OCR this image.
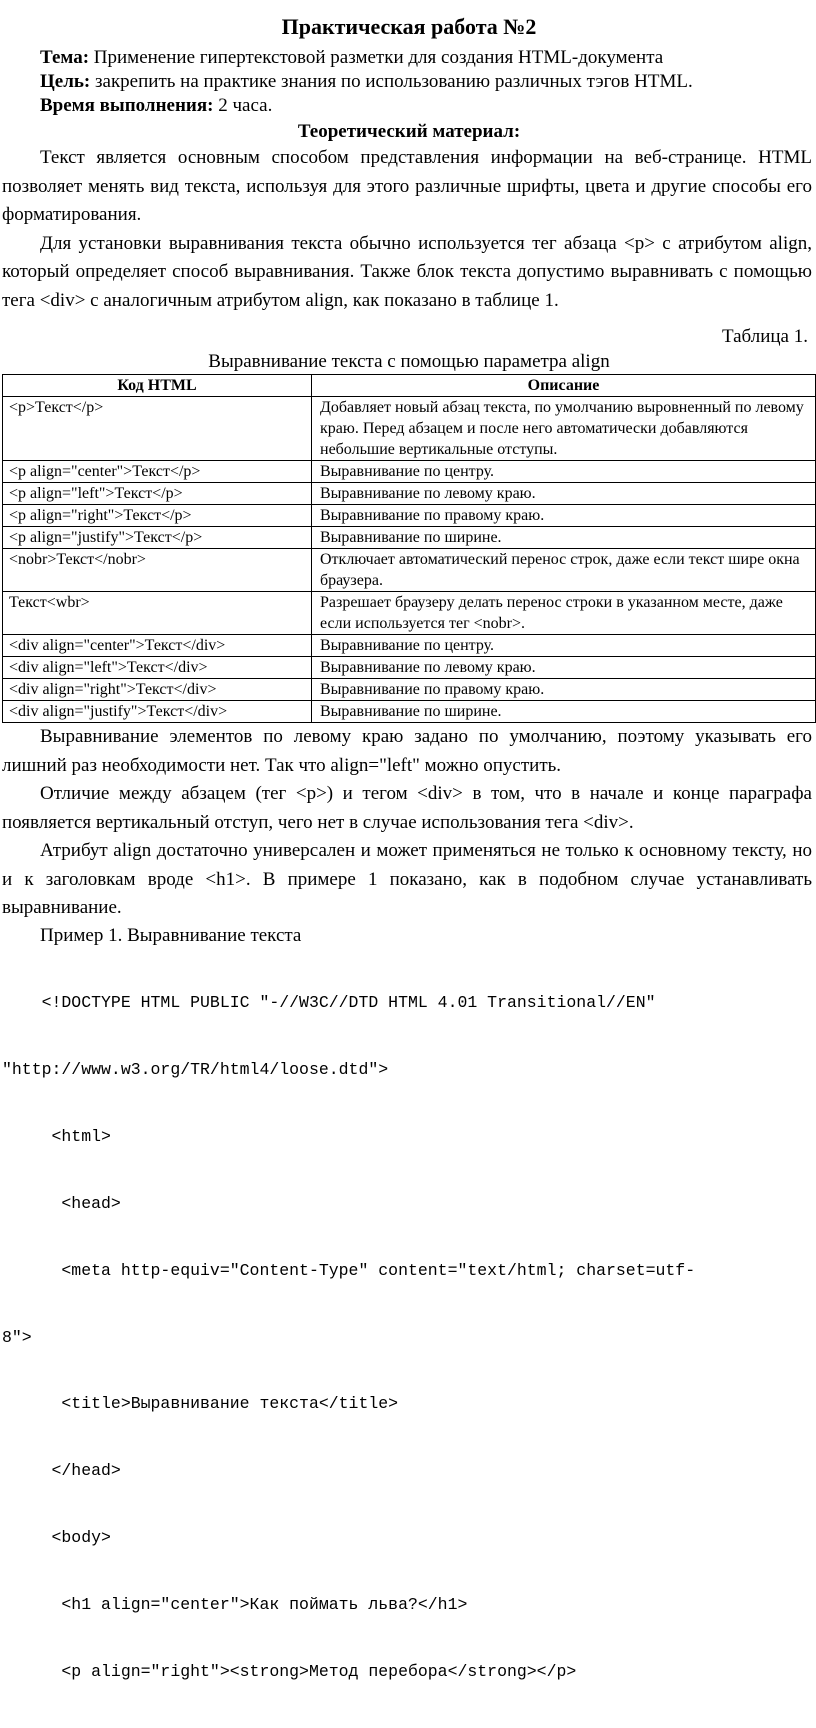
Практическая работа №2

Тема: Применение гипертекстовой разметки для создания HTML-документа

Цель: закрепить на практике знания по использованию различных тэгов HTML.

Время выполнения: 2 часа.

Теоретический материал:

Текст является основным способом представления информации на веб-странице. HTML позволяет менять вид текста, используя для этого различные шрифты, цвета и другие способы его форматирования.

Для установки выравнивания текста обычно используется тег абзаца <p> с атрибутом align, который определяет способ выравнивания. Также блок текста допустимо выравнивать с помощью тега <div> с аналогичным атрибутом align, как показано в таблице 1.

Таблица 1.
Выравнивание текста с помощью параметра align
Код HTML	Описание
<p>Текст</p>	Добавляет новый абзац текста, по умолчанию выровненный по левому краю. Перед абзацем и после него автоматически добавляются небольшие вертикальные отступы.
<p align="center">Текст</p>	Выравнивание по центру.
<p align="left">Текст</p>	Выравнивание по левому краю.
<p align="right">Текст</p>	Выравнивание по правому краю.
<p align="justify">Текст</p>	Выравнивание по ширине.
<nobr>Текст</nobr>	Отключает автоматический перенос строк, даже если текст шире окна браузера.
Текст<wbr>	Разрешает браузеру делать перенос строки в указанном месте, даже если используется тег <nobr>.
<div align="center">Текст</div>	Выравнивание по центру.
<div align="left">Текст</div>	Выравнивание по левому краю.
<div align="right">Текст</div>	Выравнивание по правому краю.
<div align="justify">Текст</div>	Выравнивание по ширине.

Выравнивание элементов по левому краю задано по умолчанию, поэтому указывать его лишний раз необходимости нет. Так что align="left" можно опустить.

Отличие между абзацем (тег <p>) и тегом <div> в том, что в начале и конце параграфа появляется вертикальный отступ, чего нет в случае использования тега <div>.

Атрибут align достаточно универсален и может применяться не только к основному тексту, но и к заголовкам вроде <h1>. В примере 1 показано, как в подобном случае устанавливать выравнивание.

Пример 1. Выравнивание текста

<!DOCTYPE HTML PUBLIC "-//W3C//DTD HTML 4.01 Transitional//EN"

"http://www.w3.org/TR/html4/loose.dtd">

<html>

<head>

<meta http-equiv="Content-Type" content="text/html; charset=utf-

8">

<title>Выравнивание текста</title>

</head>

<body>

<h1 align="center">Как поймать льва?</h1>

<p align="right"><strong>Метод перебора</strong></p>
